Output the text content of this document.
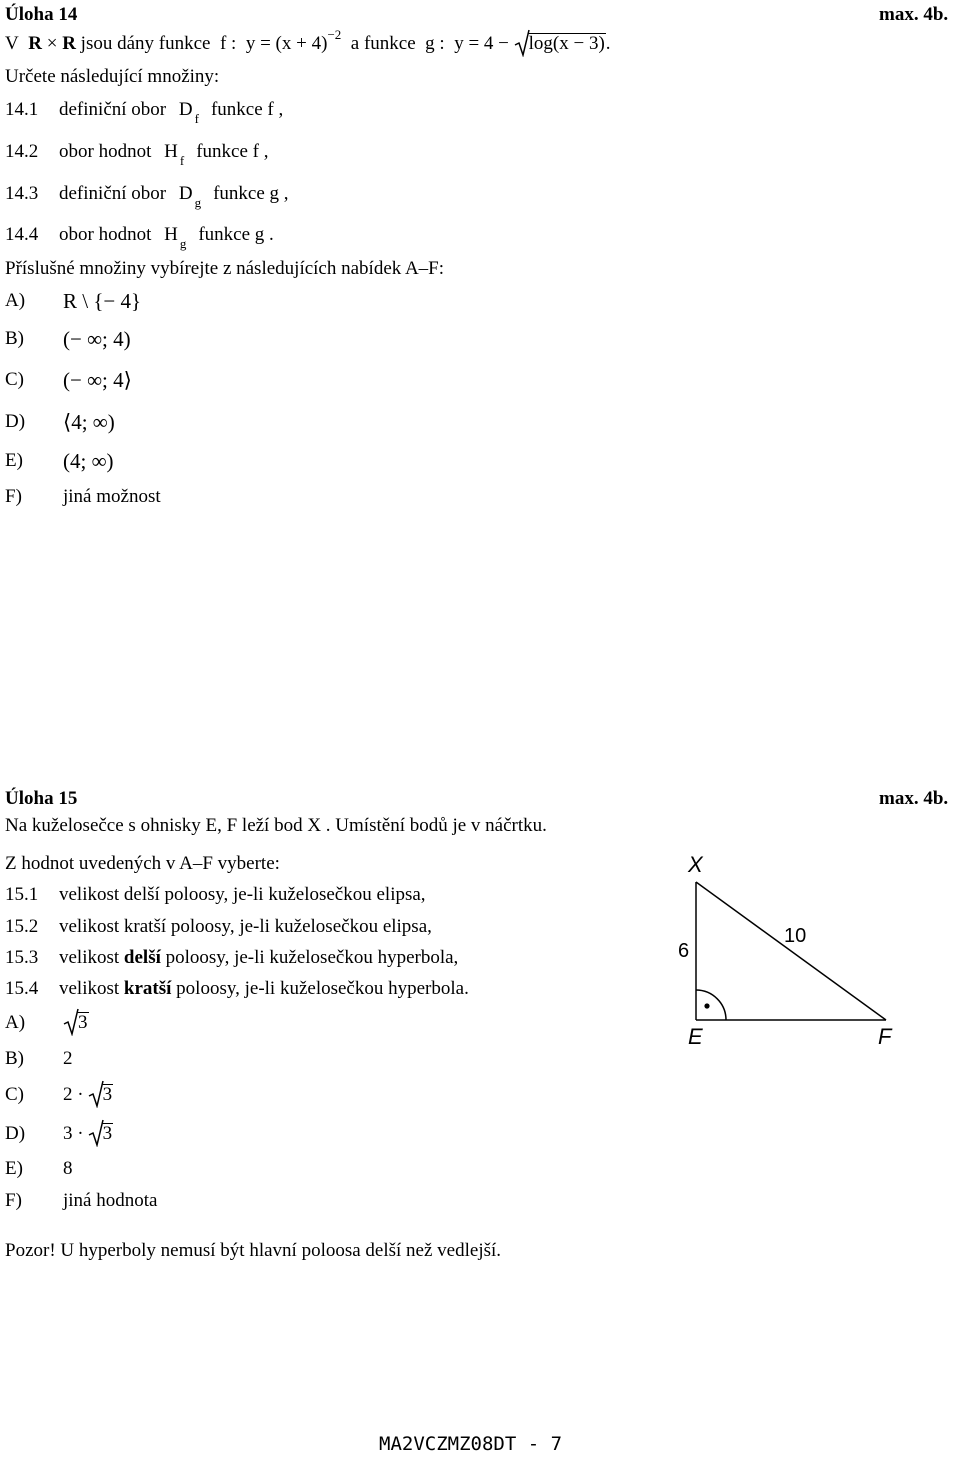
Úloha 14	max. 4b.
V R × R jsou dány funkce f : $y = (x + 4)^{-2}$ a funkce g : y = 4 − log(x − 3).
Určete následující množiny:
14.1 definiční obor D $_f$ funkce f ,
14.2 obor hodnot H $_f$ funkce f ,
14.3 definiční obor D $_g$ funkce g ,
14.4 obor hodnot H $_g$ funkce g .
Příslušné množiny vybírejte z následujících nabídek A–F:
A) R \ {− 4}
B) (− ∞; 4)
C) (− ∞; 4⟩
D) ⟨4; ∞)
E) (4; ∞)
F) jiná možnost
Úloha 15	max. 4b.
Na kuželosečce s ohnisky E, F leží bod X . Umístění bodů je v náčrtku.
Z hodnot uvedených v A–F vyberte:
15.1 velikost delší poloosy, je-li kuželosečkou elipsa,
15.2 velikost kratší poloosy, je-li kuželosečkou elipsa,
15.3 velikost delší poloosy, je-li kuželosečkou hyperbola,
15.4 velikost kratší poloosy, je-li kuželosečkou hyperbola.
A)	3
B) 2
C) 2 · 3
D) 3 · 3
E) 8
F) jiná hodnota
Pozor! U hyperboly nemusí být hlavní poloosa delší než vedlejší.
X
E	F
6
10
MA2VCZMZ08DT - 7
